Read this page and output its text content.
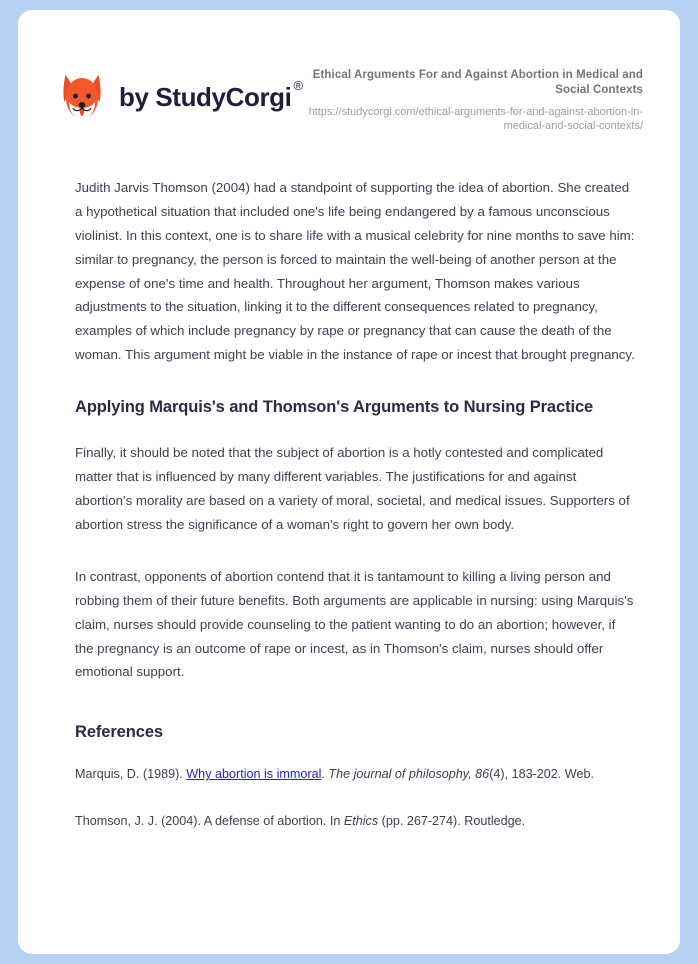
by StudyCorgi ®

Ethical Arguments For and Against Abortion in Medical and Social Contexts

https://studycorgi.com/ethical-arguments-for-and-against-abortion-in-medical-and-social-contexts/

Judith Jarvis Thomson (2004) had a standpoint of supporting the idea of abortion. She created a hypothetical situation that included one's life being endangered by a famous unconscious violinist. In this context, one is to share life with a musical celebrity for nine months to save him: similar to pregnancy, the person is forced to maintain the well-being of another person at the expense of one's time and health. Throughout her argument, Thomson makes various adjustments to the situation, linking it to the different consequences related to pregnancy, examples of which include pregnancy by rape or pregnancy that can cause the death of the woman. This argument might be viable in the instance of rape or incest that brought pregnancy.

Applying Marquis's and Thomson's Arguments to Nursing Practice

Finally, it should be noted that the subject of abortion is a hotly contested and complicated matter that is influenced by many different variables. The justifications for and against abortion's morality are based on a variety of moral, societal, and medical issues. Supporters of abortion stress the significance of a woman's right to govern her own body.

In contrast, opponents of abortion contend that it is tantamount to killing a living person and robbing them of their future benefits. Both arguments are applicable in nursing: using Marquis's claim, nurses should provide counseling to the patient wanting to do an abortion; however, if the pregnancy is an outcome of rape or incest, as in Thomson's claim, nurses should offer emotional support.

References

Marquis, D. (1989). Why abortion is immoral. The journal of philosophy, 86(4), 183-202. Web.

Thomson, J. J. (2004). A defense of abortion. In Ethics (pp. 267-274). Routledge.
